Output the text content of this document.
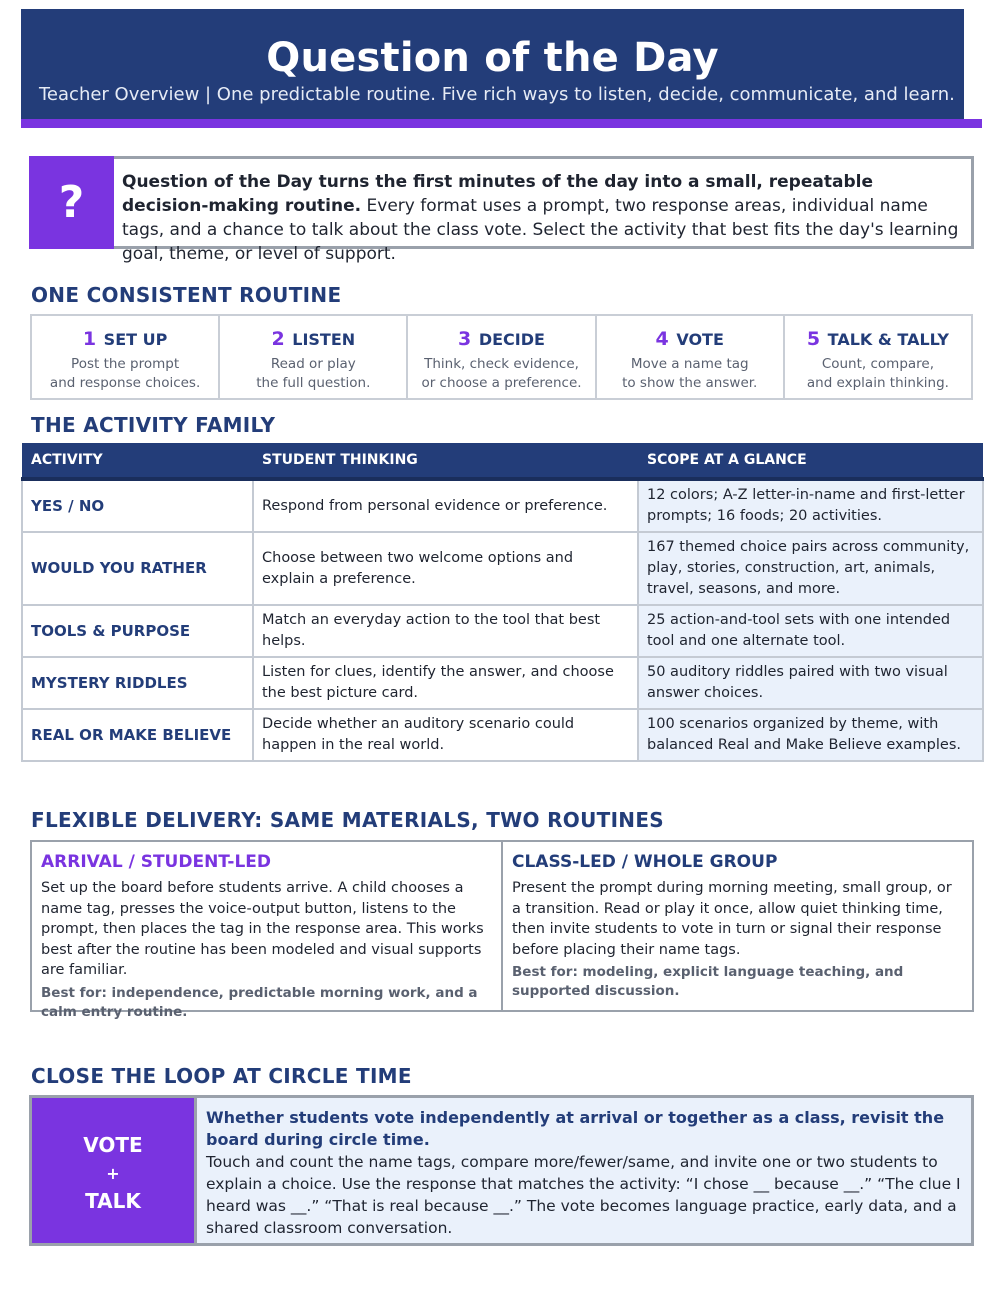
Question of the Day
Teacher Overview | One predictable routine. Five rich ways to listen, decide, communicate, and learn.
?	Question of the Day turns the first minutes of the day into a small, repeatable decision-making routine. Every format uses a prompt, two response areas, individual name tags, and a chance to talk about the class vote. Select the activity that best fits the day's learning goal, theme, or level of support.
ONE CONSISTENT ROUTINE
1 SET UP
Post the prompt
and response choices.
2 LISTEN
Read or play
the full question.
3 DECIDE
Think, check evidence,
or choose a preference.
4 VOTE
Move a name tag
to show the answer.
5 TALK & TALLY
Count, compare,
and explain thinking.
THE ACTIVITY FAMILY
ACTIVITY	STUDENT THINKING	SCOPE AT A GLANCE
YES / NO	Respond from personal evidence or preference.	12 colors; A-Z letter-in-name and first-letter prompts; 16 foods; 20 activities.
WOULD YOU RATHER	Choose between two welcome options and explain a preference.	167 themed choice pairs across community, play, stories, construction, art, animals, travel, seasons, and more.
TOOLS & PURPOSE	Match an everyday action to the tool that best helps.	25 action-and-tool sets with one intended tool and one alternate tool.
MYSTERY RIDDLES	Listen for clues, identify the answer, and choose the best picture card.	50 auditory riddles paired with two visual answer choices.
REAL OR MAKE BELIEVE	Decide whether an auditory scenario could happen in the real world.	100 scenarios organized by theme, with balanced Real and Make Believe examples.
FLEXIBLE DELIVERY: SAME MATERIALS, TWO ROUTINES
ARRIVAL / STUDENT-LED
Set up the board before students arrive. A child chooses a name tag, presses the voice-output button, listens to the prompt, then places the tag in the response area. This works best after the routine has been modeled and visual supports are familiar.
Best for: independence, predictable morning work, and a calm entry routine.
CLASS-LED / WHOLE GROUP
Present the prompt during morning meeting, small group, or a transition. Read or play it once, allow quiet thinking time, then invite students to vote in turn or signal their response before placing their name tags.
Best for: modeling, explicit language teaching, and supported discussion.
CLOSE THE LOOP AT CIRCLE TIME
VOTE
+
TALK
Whether students vote independently at arrival or together as a class, revisit the board during circle time.
Touch and count the name tags, compare more/fewer/same, and invite one or two students to explain a choice. Use the response that matches the activity: “I chose __ because __.” “The clue I heard was __.” “That is real because __.” The vote becomes language practice, early data, and a shared classroom conversation.
